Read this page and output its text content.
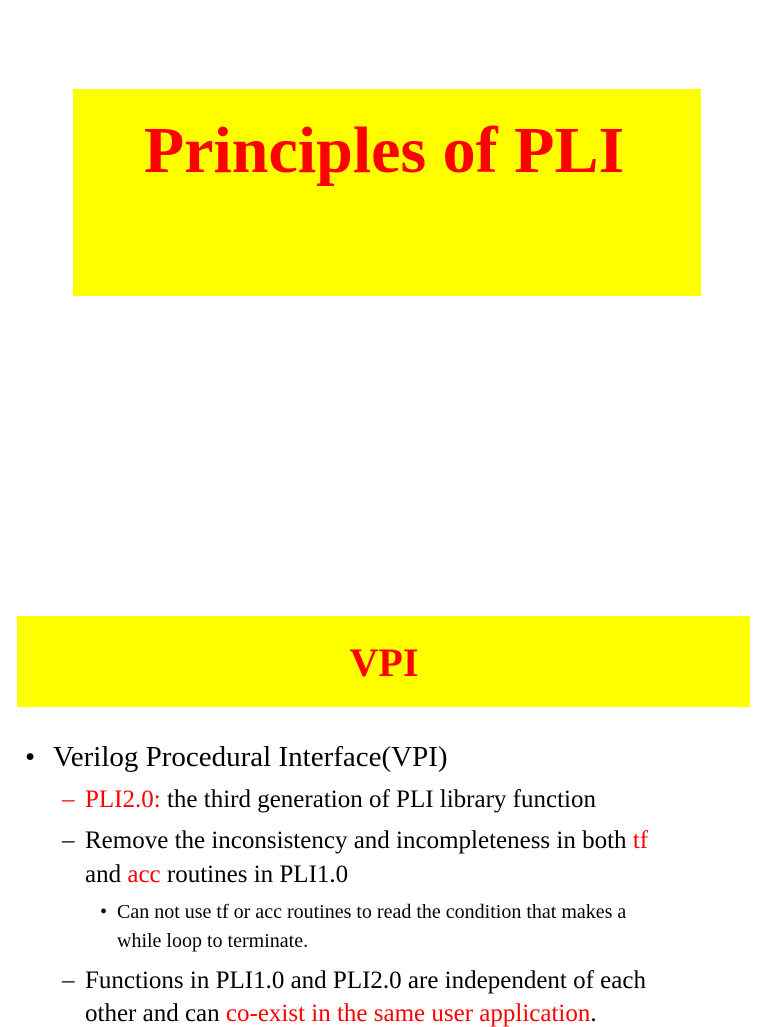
Principles of PLI
VPI
• Verilog Procedural Interface(VPI)
– PLI2.0: the third generation of PLI library function
– Remove the inconsistency and incompleteness in both tf
and acc routines in PLI1.0
• Can not use tf or acc routines to read the condition that makes a
while loop to terminate.
– Functions in PLI1.0 and PLI2.0 are independent of each
other and can co-exist in the same user application.
